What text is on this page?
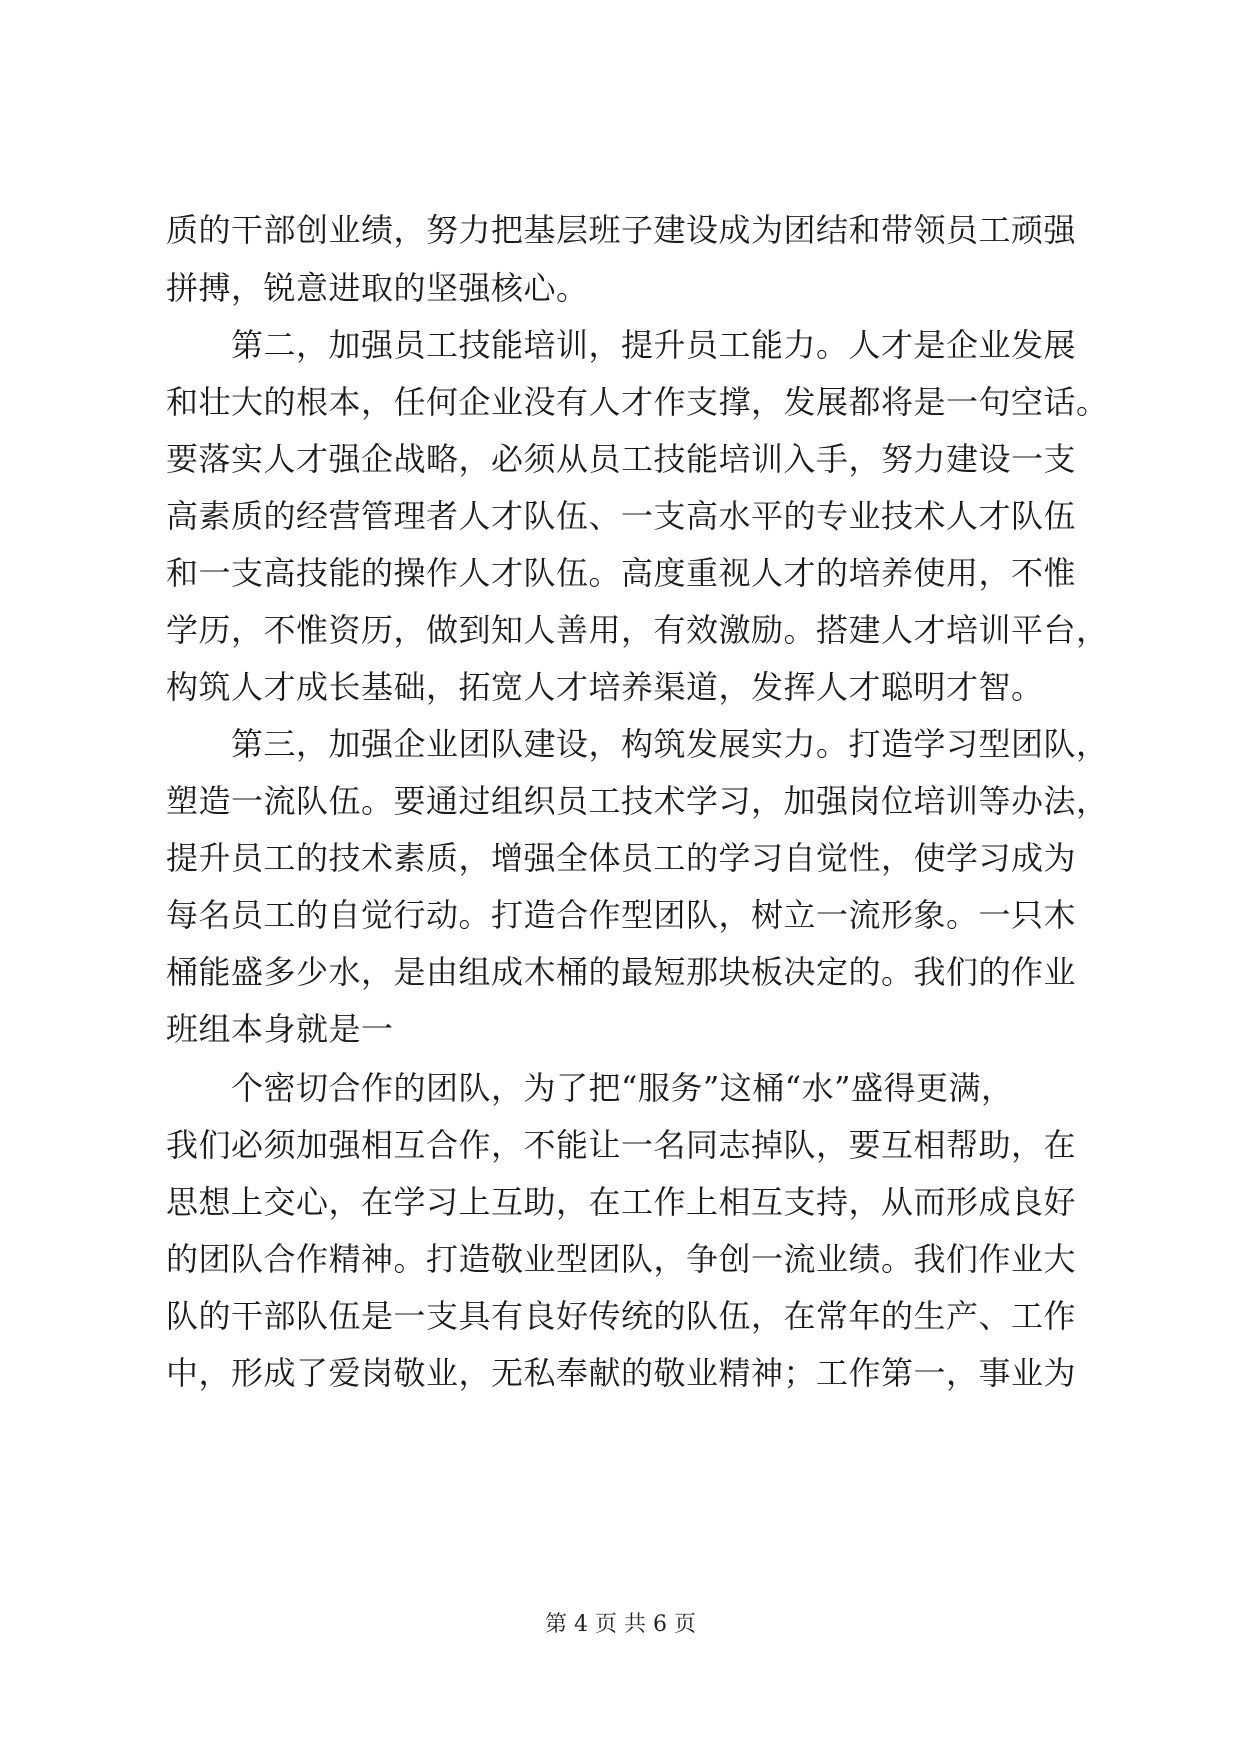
质的干部创业绩，努力把基层班子建设成为团结和带领员工顽强
拼搏，锐意进取的坚强核心。
第二，加强员工技能培训，提升员工能力。人才是企业发展
和壮大的根本，任何企业没有人才作支撑，发展都将是一句空话。
要落实人才强企战略，必须从员工技能培训入手，努力建设一支
高素质的经营管理者人才队伍、一支高水平的专业技术人才队伍
和一支高技能的操作人才队伍。高度重视人才的培养使用，不惟
学历，不惟资历，做到知人善用，有效激励。搭建人才培训平台，
构筑人才成长基础，拓宽人才培养渠道，发挥人才聪明才智。
第三，加强企业团队建设，构筑发展实力。打造学习型团队，
塑造一流队伍。要通过组织员工技术学习，加强岗位培训等办法，
提升员工的技术素质，增强全体员工的学习自觉性，使学习成为
每名员工的自觉行动。打造合作型团队，树立一流形象。一只木
桶能盛多少水，是由组成木桶的最短那块板决定的。我们的作业
班组本身就是一
个密切合作的团队，为了把“服务”这桶“水”盛得更满，
我们必须加强相互合作，不能让一名同志掉队，要互相帮助，在
思想上交心，在学习上互助，在工作上相互支持，从而形成良好
的团队合作精神。打造敬业型团队，争创一流业绩。我们作业大
队的干部队伍是一支具有良好传统的队伍，在常年的生产、工作
中，形成了爱岗敬业，无私奉献的敬业精神；工作第一，事业为
第 4 页 共 6 页
